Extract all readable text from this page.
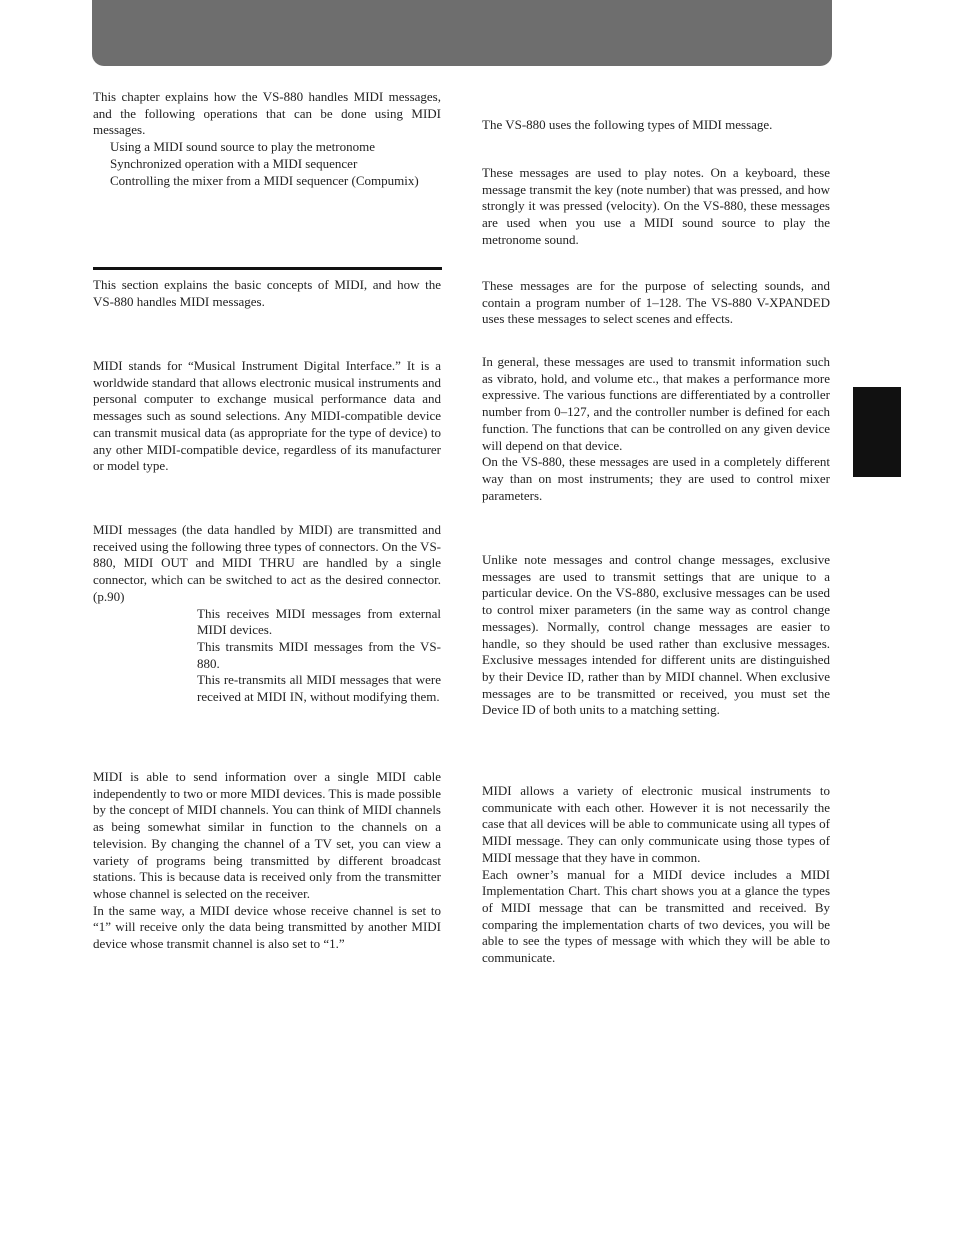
This chapter explains how the VS-880 handles MIDI messages, and the following operations that can be done using MIDI messages.

Using a MIDI sound source to play the metronome
Synchronized operation with a MIDI sequencer
Controlling the mixer from a MIDI sequencer (Compumix)

This section explains the basic concepts of MIDI, and how the VS-880 handles MIDI messages.

MIDI stands for “Musical Instrument Digital Interface.” It is a worldwide standard that allows electronic musical instruments and personal computer to exchange musical performance data and messages such as sound selections. Any MIDI-compatible device can transmit musical data (as appropriate for the type of device) to any other MIDI-compatible device, regardless of its manufacturer or model type.

MIDI messages (the data handled by MIDI) are transmitted and received using the following three types of connectors. On the VS-880, MIDI OUT and MIDI THRU are handled by a single connector, which can be switched to act as the desired connector. (p.90)

This receives MIDI messages from external MIDI devices.
This transmits MIDI messages from the VS-880.
This re-transmits all MIDI messages that were received at MIDI IN, without modifying them.

MIDI is able to send information over a single MIDI cable independently to two or more MIDI devices. This is made possible by the concept of MIDI channels. You can think of MIDI channels as being somewhat similar in function to the channels on a television. By changing the channel of a TV set, you can view a variety of programs being transmitted by different broadcast stations. This is because data is received only from the transmitter whose channel is selected on the receiver.

In the same way, a MIDI device whose receive channel is set to “1” will receive only the data being transmitted by another MIDI device whose transmit channel is also set to “1.”

The VS-880 uses the following types of MIDI message.

These messages are used to play notes. On a keyboard, these message transmit the key (note number) that was pressed, and how strongly it was pressed (velocity). On the VS-880, these messages are used when you use a MIDI sound source to play the metronome sound.

These messages are for the purpose of selecting sounds, and contain a program number of 1–128. The VS-880 V-XPANDED uses these messages to select scenes and effects.

In general, these messages are used to transmit information such as vibrato, hold, and volume etc., that makes a performance more expressive. The various functions are differentiated by a controller number from 0–127, and the controller number is defined for each function. The functions that can be controlled on any given device will depend on that device.

On the VS-880, these messages are used in a completely different way than on most instruments; they are used to control mixer parameters.

Unlike note messages and control change messages, exclusive messages are used to transmit settings that are unique to a particular device. On the VS-880, exclusive messages can be used to control mixer parameters (in the same way as control change messages). Normally, control change messages are easier to handle, so they should be used rather than exclusive messages. Exclusive messages intended for different units are distinguished by their Device ID, rather than by MIDI channel. When exclusive messages are to be transmitted or received, you must set the Device ID of both units to a matching setting.

MIDI allows a variety of electronic musical instruments to communicate with each other. However it is not necessarily the case that all devices will be able to communicate using all types of MIDI message. They can only communicate using those types of MIDI message that they have in common.

Each owner’s manual for a MIDI device includes a MIDI Implementation Chart. This chart shows you at a glance the types of MIDI message that can be transmitted and received. By comparing the implementation charts of two devices, you will be able to see the types of message with which they will be able to communicate.
